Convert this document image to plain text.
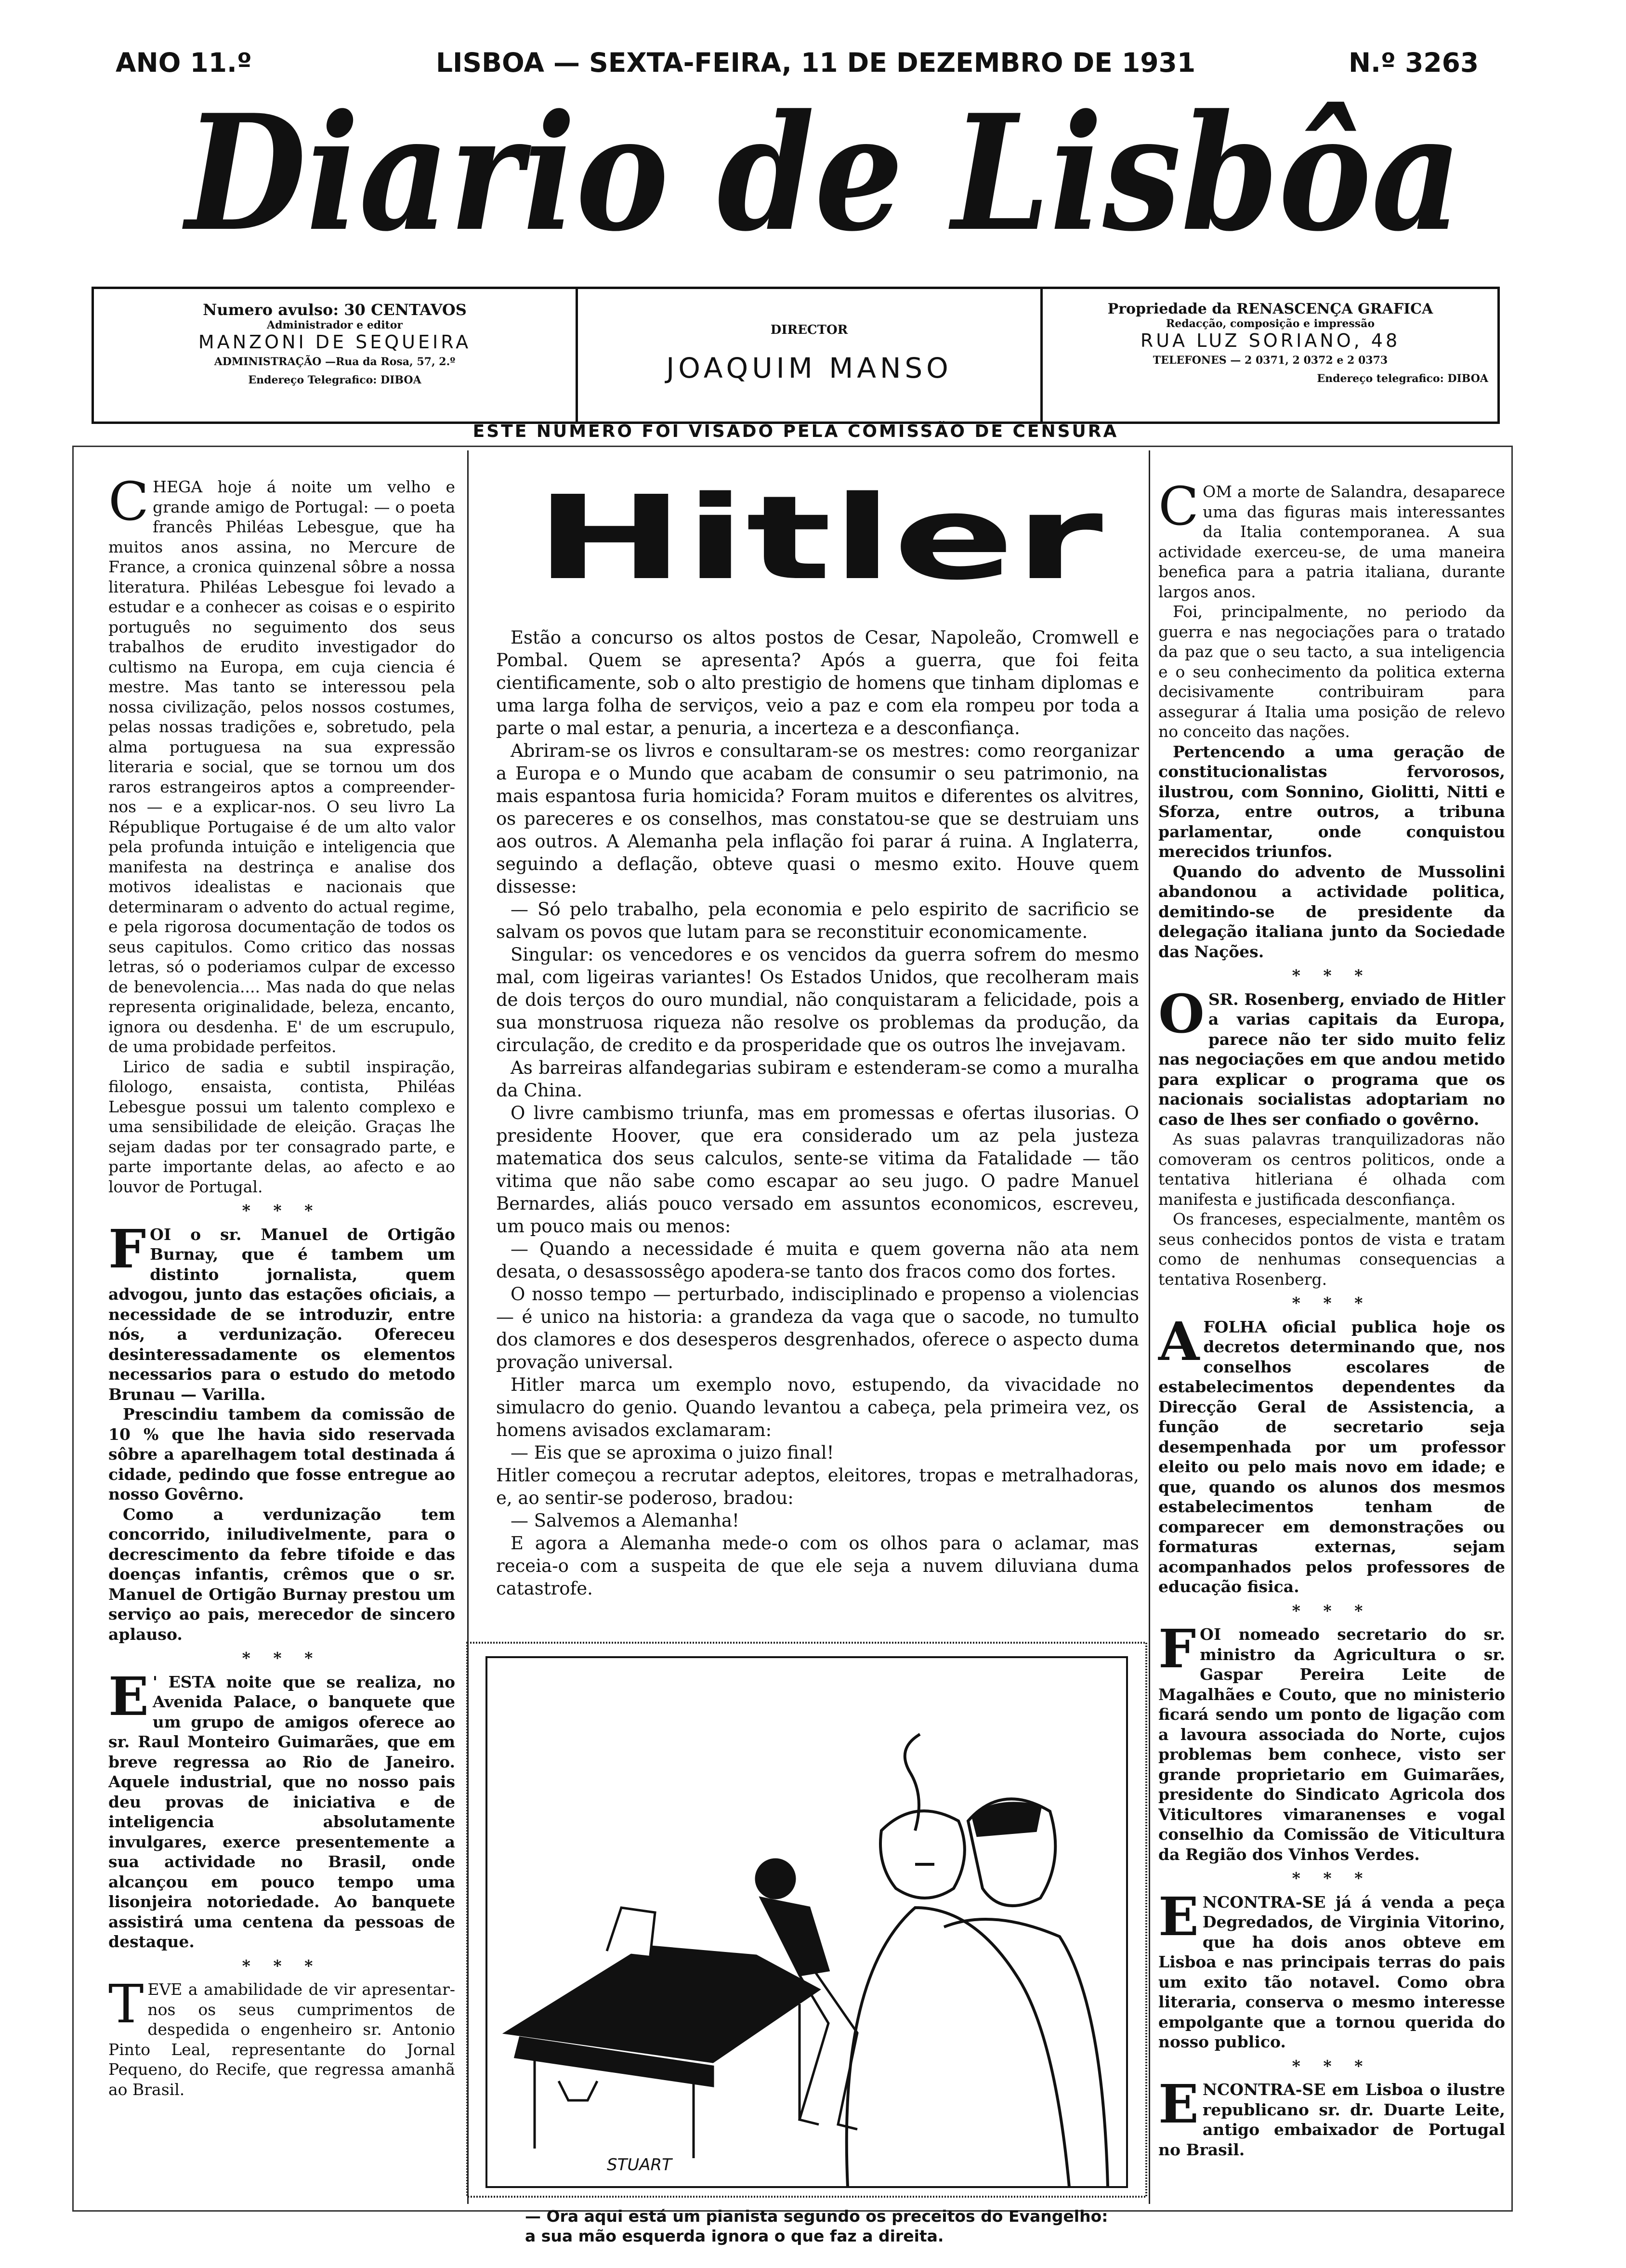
ANO 11.º	LISBOA — SEXTA-FEIRA, 11 DE DEZEMBRO DE 1931	N.º 3263
Diario de Lisbôa
Numero avulso: 30 CENTAVOS
Administrador e editor
MANZONI DE SEQUEIRA
ADMINISTRAÇÃO —Rua da Rosa, 57, 2.º
Endereço Telegrafico: DIBOA
DIRECTOR
JOAQUIM MANSO
Propriedade da RENASCENÇA GRAFICA
Redacção, composição e impressão
RUA LUZ SORIANO, 48
TELEFONES — 2 0371, 2 0372 e 2 0373
Endereço telegrafico: DIBOA
ESTE NUMERO FOI VISADO PELA COMISSÃO DE CENSURA

CHEGA hoje á noite um velho e grande amigo de Portugal: — o poeta francês Philéas Lebesgue, que ha muitos anos assina, no Mercure de France, a cronica quinzenal sôbre a nossa literatura. Philéas Lebesgue foi levado a estudar e a conhecer as coisas e o espirito português no seguimento dos seus trabalhos de erudito investigador do cultismo na Europa, em cuja ciencia é mestre. Mas tanto se interessou pela nossa civilização, pelos nossos costumes, pelas nossas tradições e, sobretudo, pela alma portuguesa na sua expressão literaria e social, que se tornou um dos raros estrangeiros aptos a compreender-nos — e a explicar-nos. O seu livro La République Portugaise é de um alto valor pela profunda intuição e inteligencia que manifesta na destrinça e analise dos motivos idealistas e nacionais que determinaram o advento do actual regime, e pela rigorosa documentação de todos os seus capitulos. Como critico das nossas letras, só o poderiamos culpar de excesso de benevolencia.... Mas nada do que nelas representa originalidade, beleza, encanto, ignora ou desdenha. E' de um escrupulo, de uma probidade perfeitos.

Lirico de sadia e subtil inspiração, filologo, ensaista, contista, Philéas Lebesgue possui um talento complexo e uma sensibilidade de eleição. Graças lhe sejam dadas por ter consagrado parte, e parte importante delas, ao afecto e ao louvor de Portugal.

* * *

FOI o sr. Manuel de Ortigão Burnay, que é tambem um distinto jornalista, quem advogou, junto das estações oficiais, a necessidade de se introduzir, entre nós, a verdunização. Ofereceu desinteressadamente os elementos necessarios para o estudo do metodo Brunau — Varilla.

Prescindiu tambem da comissão de 10 % que lhe havia sido reservada sôbre a aparelhagem total destinada á cidade, pedindo que fosse entregue ao nosso Govêrno.

Como a verdunização tem concorrido, iniludivelmente, para o decrescimento da febre tifoide e das doenças infantis, crêmos que o sr. Manuel de Ortigão Burnay prestou um serviço ao pais, merecedor de sincero aplauso.

* * *

E ' ESTA noite que se realiza, no Avenida Palace, o banquete que um grupo de amigos oferece ao sr. Raul Monteiro Guimarães, que em breve regressa ao Rio de Janeiro. Aquele industrial, que no nosso pais deu provas de iniciativa e de inteligencia absolutamente invulgares, exerce presentemente a sua actividade no Brasil, onde alcançou em pouco tempo uma lisonjeira notoriedade. Ao banquete assistirá uma centena da pessoas de destaque.

* * *

TEVE a amabilidade de vir apresentar-nos os seus cumprimentos de despedida o engenheiro sr. Antonio Pinto Leal, representante do Jornal Pequeno, do Recife, que regressa amanhã ao Brasil.

Hitler

Estão a concurso os altos postos de Cesar, Napoleão, Cromwell e Pombal. Quem se apresenta? Após a guerra, que foi feita cientificamente, sob o alto prestigio de homens que tinham diplomas e uma larga folha de serviços, veio a paz e com ela rompeu por toda a parte o mal estar, a penuria, a incerteza e a desconfiança.

Abriram-se os livros e consultaram-se os mestres: como reorganizar a Europa e o Mundo que acabam de consumir o seu patrimonio, na mais espantosa furia homicida? Foram muitos e diferentes os alvitres, os pareceres e os conselhos, mas constatou-se que se destruiam uns aos outros. A Alemanha pela inflação foi parar á ruina. A Inglaterra, seguindo a deflação, obteve quasi o mesmo exito. Houve quem dissesse:

— Só pelo trabalho, pela economia e pelo espirito de sacrificio se salvam os povos que lutam para se reconstituir economicamente.

Singular: os vencedores e os vencidos da guerra sofrem do mesmo mal, com ligeiras variantes! Os Estados Unidos, que recolheram mais de dois terços do ouro mundial, não conquistaram a felicidade, pois a sua monstruosa riqueza não resolve os problemas da produção, da circulação, de credito e da prosperidade que os outros lhe invejavam.

As barreiras alfandegarias subiram e estenderam-se como a muralha da China.

O livre cambismo triunfa, mas em promessas e ofertas ilusorias. O presidente Hoover, que era considerado um az pela justeza matematica dos seus calculos, sente-se vitima da Fatalidade — tão vitima que não sabe como escapar ao seu jugo. O padre Manuel Bernardes, aliás pouco versado em assuntos economicos, escreveu, um pouco mais ou menos:

— Quando a necessidade é muita e quem governa não ata nem desata, o desassossêgo apodera-se tanto dos fracos como dos fortes.

O nosso tempo — perturbado, indisciplinado e propenso a violencias — é unico na historia: a grandeza da vaga que o sacode, no tumulto dos clamores e dos desesperos desgrenhados, oferece o aspecto duma provação universal.

Hitler marca um exemplo novo, estupendo, da vivacidade no simulacro do genio. Quando levantou a cabeça, pela primeira vez, os homens avisados exclamaram:

— Eis que se aproxima o juizo final!

Hitler começou a recrutar adeptos, eleitores, tropas e metralhadoras, e, ao sentir-se poderoso, bradou:

— Salvemos a Alemanha!

E agora a Alemanha mede-o com os olhos para o aclamar, mas receia-o com a suspeita de que ele seja a nuvem diluviana duma catastrofe.

STUART
— Ora aqui está um pianista segundo os preceitos do Evangelho: a sua mão esquerda ignora o que faz a direita.

COM a morte de Salandra, desaparece uma das figuras mais interessantes da Italia contemporanea. A sua actividade exerceu-se, de uma maneira benefica para a patria italiana, durante largos anos.

Foi, principalmente, no periodo da guerra e nas negociações para o tratado da paz que o seu tacto, a sua inteligencia e o seu conhecimento da politica externa decisivamente contribuiram para assegurar á Italia uma posição de relevo no conceito das nações.

Pertencendo a uma geração de constitucionalistas fervorosos, ilustrou, com Sonnino, Giolitti, Nitti e Sforza, entre outros, a tribuna parlamentar, onde conquistou merecidos triunfos.

Quando do advento de Mussolini abandonou a actividade politica, demitindo-se de presidente da delegação italiana junto da Sociedade das Nações.

* * *

OSR. Rosenberg, enviado de Hitler a varias capitais da Europa, parece não ter sido muito feliz nas negociações em que andou metido para explicar o programa que os nacionais socialistas adoptariam no caso de lhes ser confiado o govêrno.

As suas palavras tranquilizadoras não comoveram os centros politicos, onde a tentativa hitleriana é olhada com manifesta e justificada desconfiança.

Os franceses, especialmente, mantêm os seus conhecidos pontos de vista e tratam como de nenhumas consequencias a tentativa Rosenberg.

* * *

AFOLHA oficial publica hoje os decretos determinando que, nos conselhos escolares de estabelecimentos dependentes da Direcção Geral de Assistencia, a função de secretario seja desempenhada por um professor eleito ou pelo mais novo em idade; e que, quando os alunos dos mesmos estabelecimentos tenham de comparecer em demonstrações ou formaturas externas, sejam acompanhados pelos professores de educação fisica.

* * *

FOI nomeado secretario do sr. ministro da Agricultura o sr. Gaspar Pereira Leite de Magalhães e Couto, que no ministerio ficará sendo um ponto de ligação com a lavoura associada do Norte, cujos problemas bem conhece, visto ser grande proprietario em Guimarães, presidente do Sindicato Agricola dos Viticultores vimaranenses e vogal conselhio da Comissão de Viticultura da Região dos Vinhos Verdes.

* * *

ENCONTRA-SE já á venda a peça Degredados, de Virginia Vitorino, que ha dois anos obteve em Lisboa e nas principais terras do pais um exito tão notavel. Como obra literaria, conserva o mesmo interesse empolgante que a tornou querida do nosso publico.

* * *

ENCONTRA-SE em Lisboa o ilustre republicano sr. dr. Duarte Leite, antigo embaixador de Portugal no Brasil.
